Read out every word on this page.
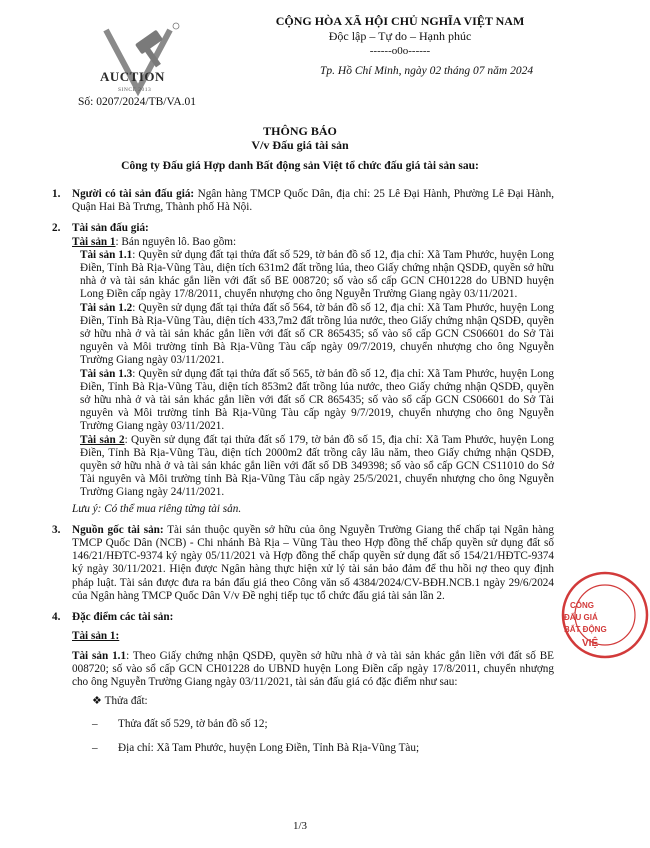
AUCTION
SINCE 2013
CỘNG HÒA XÃ HỘI CHỦ NGHĨA VIỆT NAM
Độc lập – Tự do – Hạnh phúc
------o0o------
Tp. Hồ Chí Minh, ngày 02 tháng 07 năm 2024
Số: 0207/2024/TB/VA.01
THÔNG BÁO
V/v Đấu giá tài sản
Công ty Đấu giá Hợp danh Bất động sản Việt tổ chức đấu giá tài sản sau:
1.	Người có tài sản đấu giá: Ngân hàng TMCP Quốc Dân, địa chỉ: 25 Lê Đại Hành, Phường Lê Đại Hành, Quận Hai Bà Trưng, Thành phố Hà Nội.
2.	Tài sản đấu giá:

Tài sản 1: Bán nguyên lô. Bao gồm:

Tài sản 1.1: Quyền sử dụng đất tại thửa đất số 529, tờ bản đồ số 12, địa chỉ: Xã Tam Phước, huyện Long Điền, Tỉnh Bà Rịa-Vũng Tàu, diện tích 631m2 đất trồng lúa, theo Giấy chứng nhận QSDĐ, quyền sở hữu nhà ở và tài sản khác gắn liền với đất số BE 008720; số vào sổ cấp GCN CH01228 do UBND huyện Long Điền cấp ngày 17/8/2011, chuyển nhượng cho ông Nguyễn Trường Giang ngày 03/11/2021.

Tài sản 1.2: Quyền sử dụng đất tại thửa đất số 564, tờ bản đồ số 12, địa chỉ: Xã Tam Phước, huyện Long Điền, Tỉnh Bà Rịa-Vũng Tàu, diện tích 433,7m2 đất trồng lúa nước, theo Giấy chứng nhận QSDĐ, quyền sở hữu nhà ở và tài sản khác gắn liền với đất số CR 865435; số vào sổ cấp GCN CS06601 do Sở Tài nguyên và Môi trường tỉnh Bà Rịa-Vũng Tàu cấp ngày 09/7/2019, chuyển nhượng cho ông Nguyễn Trường Giang ngày 03/11/2021.

Tài sản 1.3: Quyền sử dụng đất tại thửa đất số 565, tờ bản đồ số 12, địa chỉ: Xã Tam Phước, huyện Long Điền, Tỉnh Bà Rịa-Vũng Tàu, diện tích 853m2 đất trồng lúa nước, theo Giấy chứng nhận QSDĐ, quyền sở hữu nhà ở và tài sản khác gắn liền với đất số CR 865435; số vào sổ cấp GCN CS06601 do Sở Tài nguyên và Môi trường tỉnh Bà Rịa-Vũng Tàu cấp ngày 9/7/2019, chuyển nhượng cho ông Nguyễn Trường Giang ngày 03/11/2021.

Tài sản 2: Quyền sử dụng đất tại thửa đất số 179, tờ bản đồ số 15, địa chỉ: Xã Tam Phước, huyện Long Điền, Tỉnh Bà Rịa-Vũng Tàu, diện tích 2000m2 đất trồng cây lâu năm, theo Giấy chứng nhận QSDĐ, quyền sở hữu nhà ở và tài sản khác gắn liền với đất số DB 349398; số vào sổ cấp GCN CS11010 do Sở Tài nguyên và Môi trường tỉnh Bà Rịa-Vũng Tàu cấp ngày 25/5/2021, chuyển nhượng cho ông Nguyễn Trường Giang ngày 24/11/2021.

Lưu ý: Có thể mua riêng từng tài sản.

3.	Nguồn gốc tài sản: Tài sản thuộc quyền sở hữu của ông Nguyễn Trường Giang thế chấp tại Ngân hàng TMCP Quốc Dân (NCB) - Chi nhánh Bà Rịa – Vũng Tàu theo Hợp đồng thế chấp quyền sử dụng đất số 146/21/HĐTC-9374 ký ngày 05/11/2021 và Hợp đồng thế chấp quyền sử dụng đất số 154/21/HĐTC-9374 ký ngày 30/11/2021. Hiện được Ngân hàng thực hiện xử lý tài sản bảo đảm để thu hồi nợ theo quy định pháp luật. Tài sản được đưa ra bán đấu giá theo Công văn số 4384/2024/CV-BĐH.NCB.1 ngày 29/6/2024 của Ngân hàng TMCP Quốc Dân V/v Đề nghị tiếp tục tổ chức đấu giá tài sản lần 2.
4.	Đặc điểm các tài sản:

Tài sản 1:

Tài sản 1.1: Theo Giấy chứng nhận QSDĐ, quyền sở hữu nhà ở và tài sản khác gắn liền với đất số BE 008720; số vào sổ cấp GCN CH01228 do UBND huyện Long Điền cấp ngày 17/8/2011, chuyển nhượng cho ông Nguyễn Trường Giang ngày 03/11/2021, tài sản đấu giá có đặc điểm như sau:

❖ Thửa đất:
–	Thửa đất số 529, tờ bản đồ số 12;
–	Địa chỉ: Xã Tam Phước, huyện Long Điền, Tỉnh Bà Rịa-Vũng Tàu;
CÔNG
ĐẤU GIÁ
BẤT ĐỘNG
VIỆ
1/3
